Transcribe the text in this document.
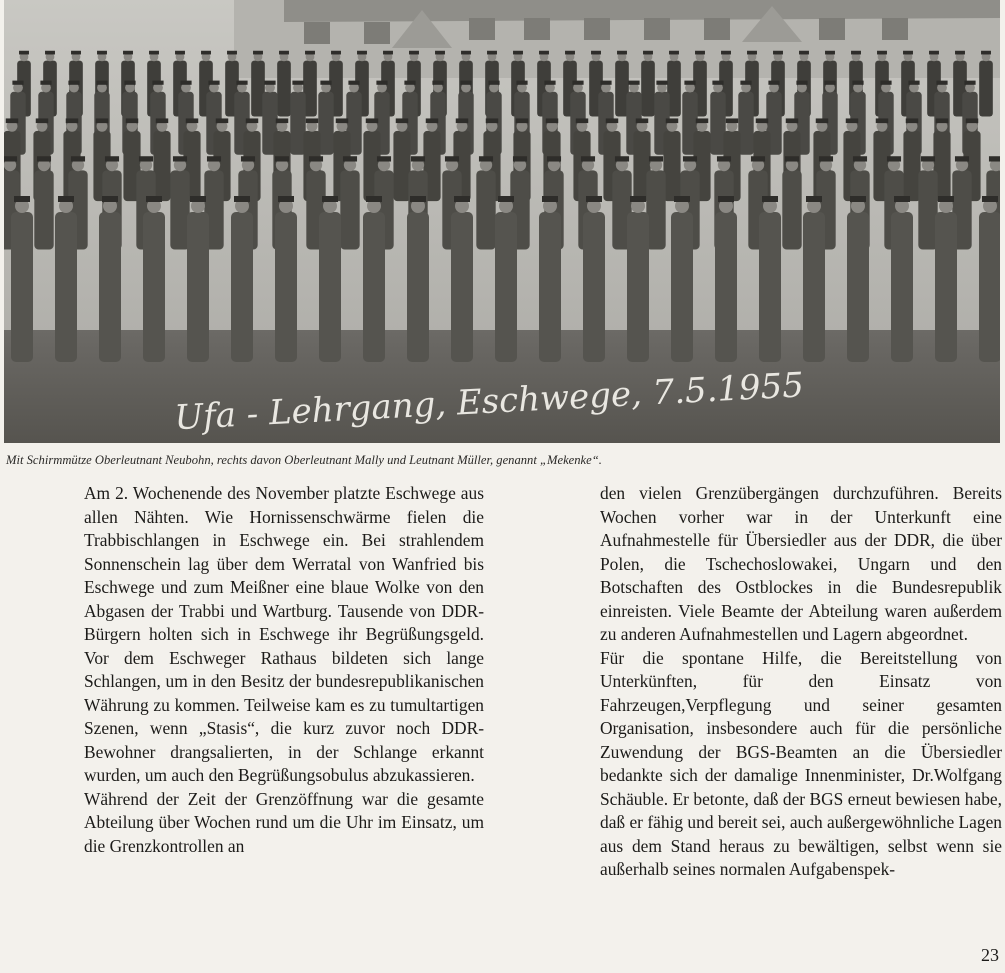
Ufa - Lehrgang, Eschwege, 7.5.1955
Mit Schirmmütze Oberleutnant Neubohn, rechts davon Oberleutnant Mally und Leutnant Müller, genannt „Mekenke“.

Am 2. Wochenende des November platzte Eschwege aus allen Nähten. Wie Hornissenschwärme fielen die Trabbischlangen in Eschwege ein. Bei strahlendem Sonnenschein lag über dem Werratal von Wanfried bis Eschwege und zum Meißner eine blaue Wolke von den Abgasen der Trabbi und Wartburg. Tausende von DDR-Bürgern holten sich in Eschwege ihr Begrüßungsgeld. Vor dem Eschweger Rathaus bildeten sich lange Schlangen, um in den Besitz der bundesrepublikanischen Währung zu kommen. Teilweise kam es zu tumultartigen Szenen, wenn „Stasis“, die kurz zuvor noch DDR-Bewohner drangsalierten, in der Schlange erkannt wurden, um auch den Begrüßungsobulus abzukassieren.

Während der Zeit der Grenzöffnung war die gesamte Abteilung über Wochen rund um die Uhr im Einsatz, um die Grenzkontrollen an

den vielen Grenzübergängen durchzuführen. Bereits Wochen vorher war in der Unterkunft eine Aufnahmestelle für Übersiedler aus der DDR, die über Polen, die Tschechoslowakei, Ungarn und den Botschaften des Ostblockes in die Bundesrepublik einreisten. Viele Beamte der Abteilung waren außerdem zu anderen Aufnahmestellen und Lagern abgeordnet.

Für die spontane Hilfe, die Bereitstellung von Unterkünften, für den Einsatz von Fahrzeugen,Verpflegung und seiner gesamten Organisation, insbesondere auch für die persönliche Zuwendung der BGS-Beamten an die Übersiedler bedankte sich der damalige Innenminister, Dr.Wolfgang Schäuble. Er betonte, daß der BGS erneut bewiesen habe, daß er fähig und bereit sei, auch außergewöhnliche Lagen aus dem Stand heraus zu bewältigen, selbst wenn sie außerhalb seines normalen Aufgabenspek-

23
